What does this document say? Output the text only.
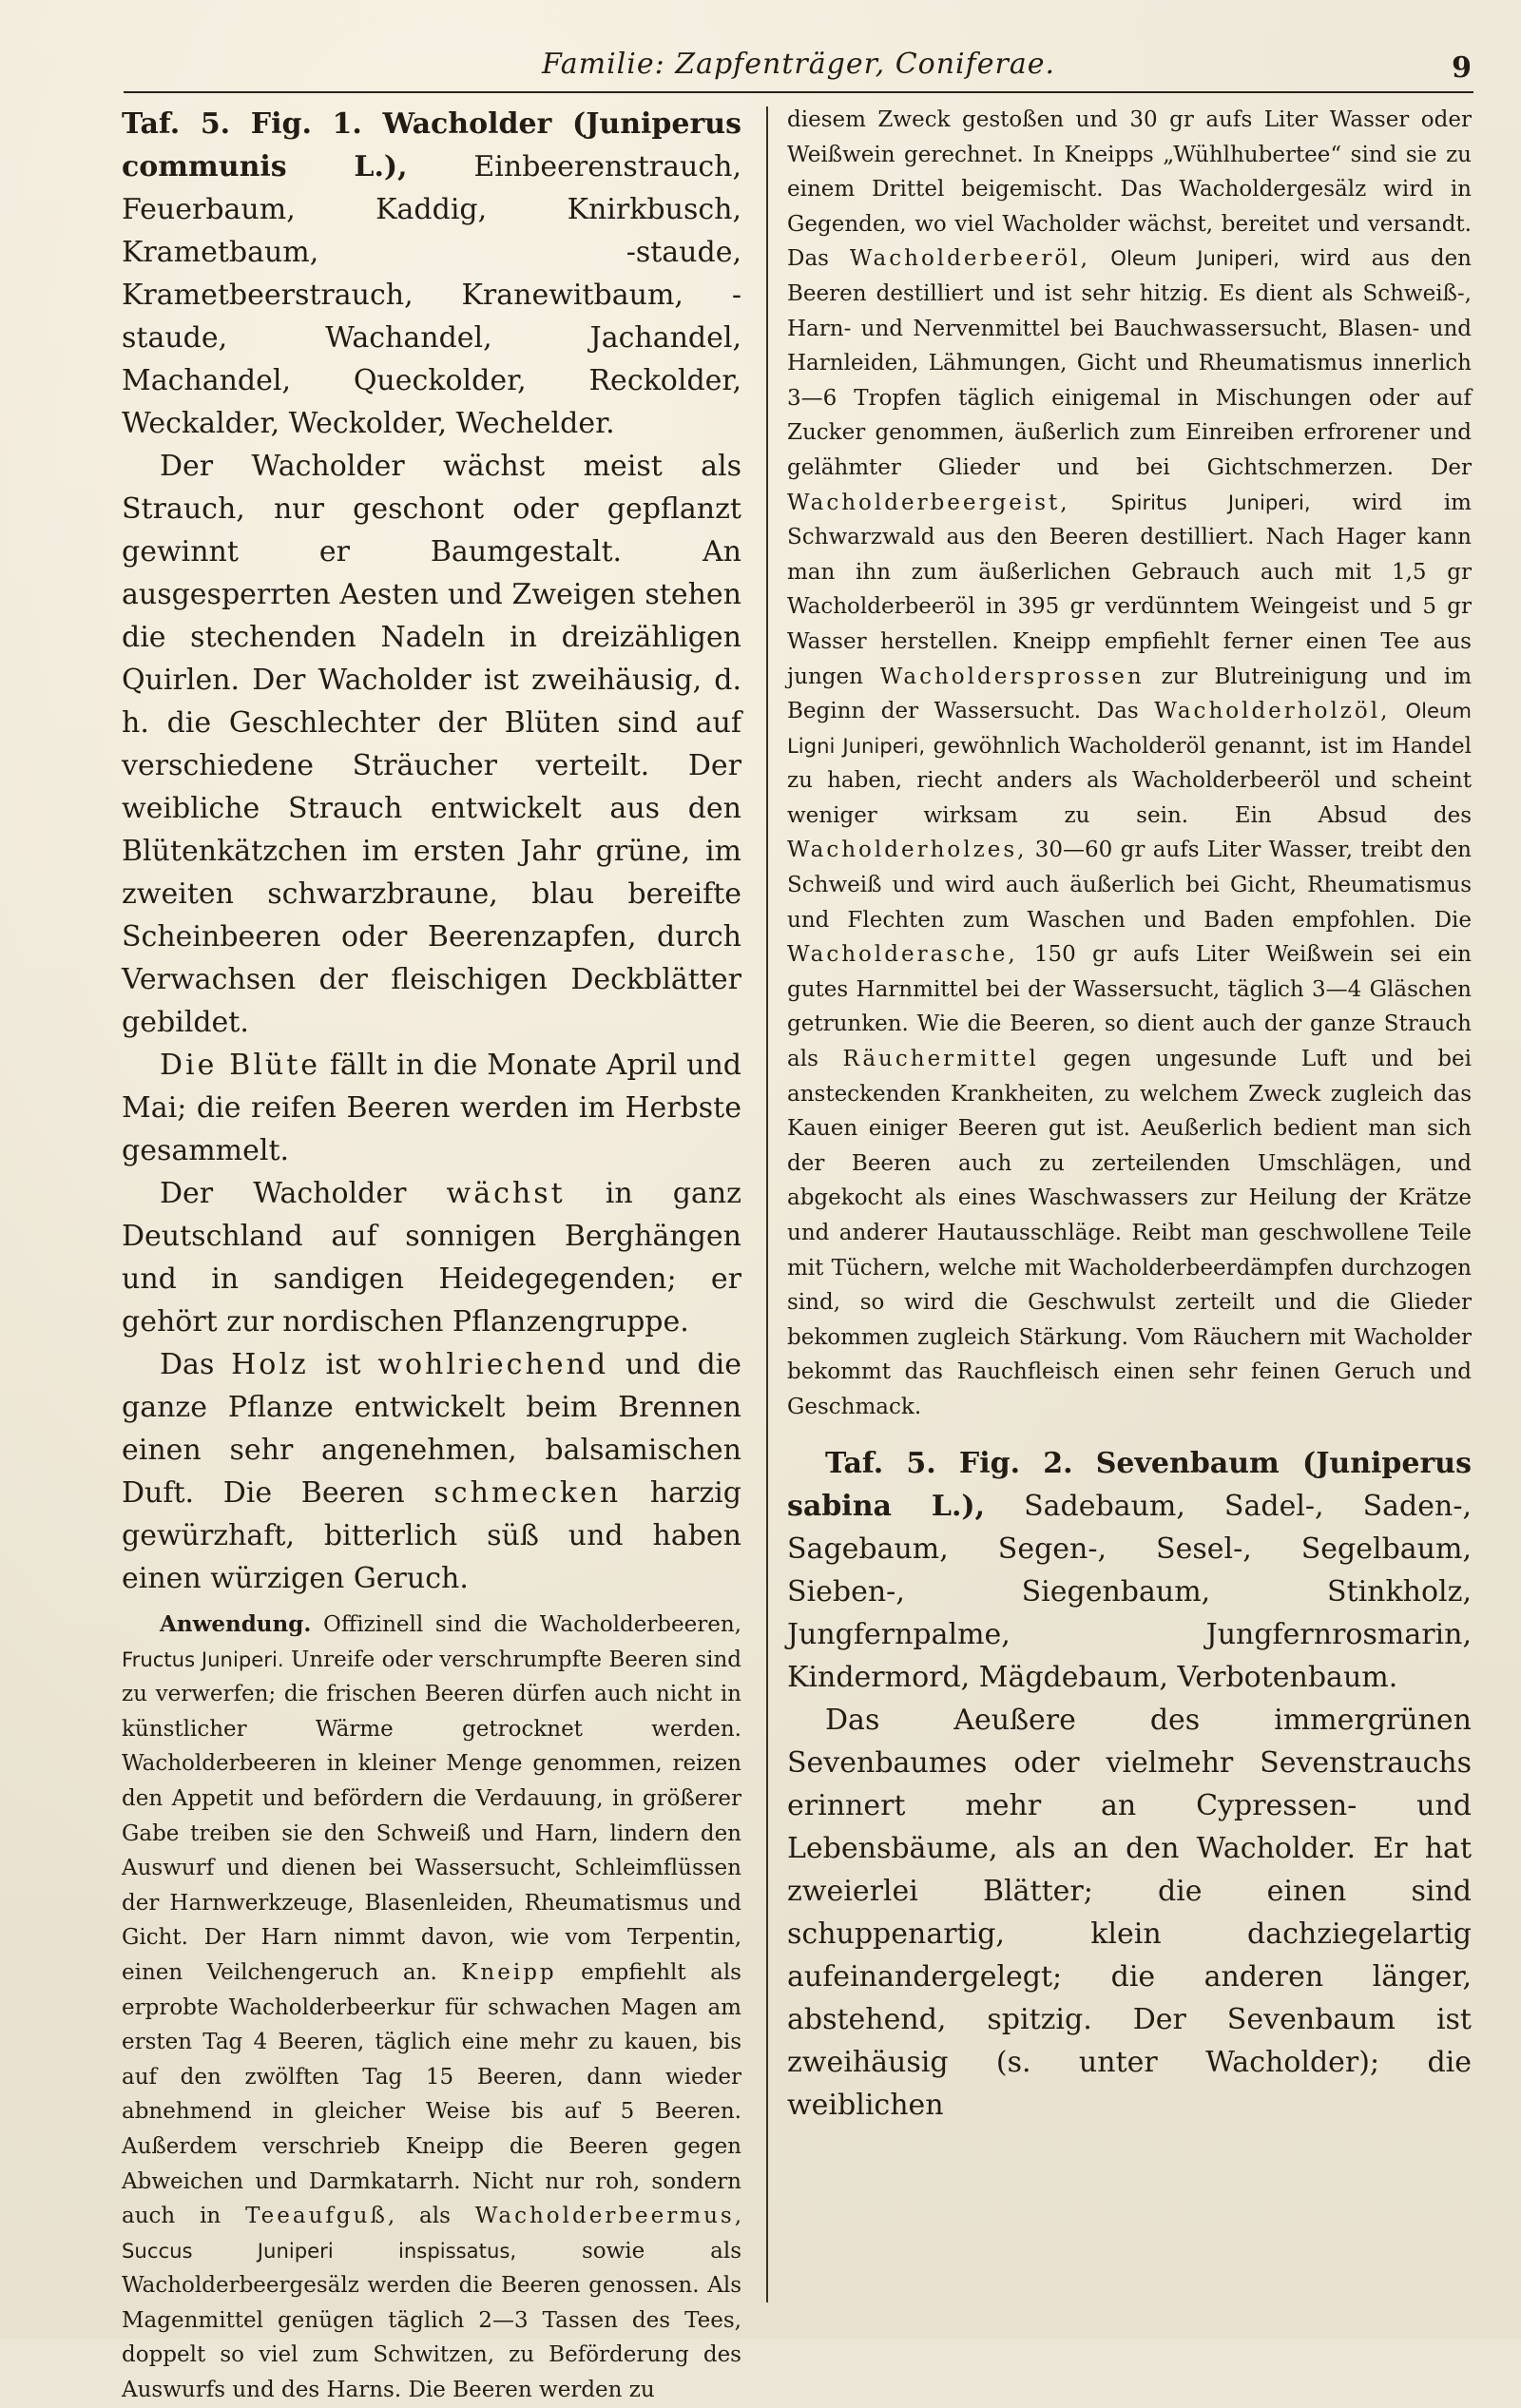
Familie: Zapfenträger, Coniferae.	9

Taf. 5. Fig. 1. Wacholder (Juniperus communis L.), Einbeerenstrauch, Feuerbaum, Kaddig, Knirkbusch, Krametbaum, -staude, Krametbeerstrauch, Kranewitbaum, -staude, Wachandel, Jachandel, Machandel, Queckolder, Reckolder, Weckalder, Weckolder, Wechelder.

Der Wacholder wächst meist als Strauch, nur geschont oder gepflanzt gewinnt er Baumgestalt. An ausgesperrten Aesten und Zweigen stehen die stechenden Nadeln in dreizähligen Quirlen. Der Wacholder ist zweihäusig, d. h. die Geschlechter der Blüten sind auf verschiedene Sträucher verteilt. Der weibliche Strauch entwickelt aus den Blütenkätzchen im ersten Jahr grüne, im zweiten schwarzbraune, blau bereifte Scheinbeeren oder Beerenzapfen, durch Verwachsen der fleischigen Deckblätter gebildet.

Die Blüte fällt in die Monate April und Mai; die reifen Beeren werden im Herbste gesammelt.

Der Wacholder wächst in ganz Deutschland auf sonnigen Berghängen und in sandigen Heidegegenden; er gehört zur nordischen Pflanzengruppe.

Das Holz ist wohlriechend und die ganze Pflanze entwickelt beim Brennen einen sehr angenehmen, balsamischen Duft. Die Beeren schmecken harzig gewürzhaft, bitterlich süß und haben einen würzigen Geruch.

Anwendung. Offizinell sind die Wacholderbeeren, Fructus Juniperi. Unreife oder verschrumpfte Beeren sind zu verwerfen; die frischen Beeren dürfen auch nicht in künstlicher Wärme getrocknet werden. Wacholderbeeren in kleiner Menge genommen, reizen den Appetit und befördern die Verdauung, in größerer Gabe treiben sie den Schweiß und Harn, lindern den Auswurf und dienen bei Wassersucht, Schleimflüssen der Harnwerkzeuge, Blasenleiden, Rheumatismus und Gicht. Der Harn nimmt davon, wie vom Terpentin, einen Veilchengeruch an. Kneipp empfiehlt als erprobte Wacholderbeerkur für schwachen Magen am ersten Tag 4 Beeren, täglich eine mehr zu kauen, bis auf den zwölften Tag 15 Beeren, dann wieder abnehmend in gleicher Weise bis auf 5 Beeren. Außerdem verschrieb Kneipp die Beeren gegen Abweichen und Darmkatarrh. Nicht nur roh, sondern auch in Teeaufguß, als Wacholderbeermus, Succus Juniperi inspissatus, sowie als Wacholderbeergesälz werden die Beeren genossen. Als Magenmittel genügen täglich 2—3 Tassen des Tees, doppelt so viel zum Schwitzen, zu Beförderung des Auswurfs und des Harns. Die Beeren werden zu

diesem Zweck gestoßen und 30 gr aufs Liter Wasser oder Weißwein gerechnet. In Kneipps „Wühlhubertee“ sind sie zu einem Drittel beigemischt. Das Wacholdergesälz wird in Gegenden, wo viel Wacholder wächst, bereitet und versandt. Das Wacholderbeeröl, Oleum Juniperi, wird aus den Beeren destilliert und ist sehr hitzig. Es dient als Schweiß-, Harn- und Nervenmittel bei Bauchwassersucht, Blasen- und Harnleiden, Lähmungen, Gicht und Rheumatismus innerlich 3—6 Tropfen täglich einigemal in Mischungen oder auf Zucker genommen, äußerlich zum Einreiben erfrorener und gelähmter Glieder und bei Gichtschmerzen. Der Wacholderbeergeist, Spiritus Juniperi, wird im Schwarzwald aus den Beeren destilliert. Nach Hager kann man ihn zum äußerlichen Gebrauch auch mit 1,5 gr Wacholderbeeröl in 395 gr verdünntem Weingeist und 5 gr Wasser herstellen. Kneipp empfiehlt ferner einen Tee aus jungen Wacholdersprossen zur Blutreinigung und im Beginn der Wassersucht. Das Wacholderholzöl, Oleum Ligni Juniperi, gewöhnlich Wacholderöl genannt, ist im Handel zu haben, riecht anders als Wacholderbeeröl und scheint weniger wirksam zu sein. Ein Absud des Wacholderholzes, 30—60 gr aufs Liter Wasser, treibt den Schweiß und wird auch äußerlich bei Gicht, Rheumatismus und Flechten zum Waschen und Baden empfohlen. Die Wacholderasche, 150 gr aufs Liter Weißwein sei ein gutes Harnmittel bei der Wassersucht, täglich 3—4 Gläschen getrunken. Wie die Beeren, so dient auch der ganze Strauch als Räuchermittel gegen ungesunde Luft und bei ansteckenden Krankheiten, zu welchem Zweck zugleich das Kauen einiger Beeren gut ist. Aeußerlich bedient man sich der Beeren auch zu zerteilenden Umschlägen, und abgekocht als eines Waschwassers zur Heilung der Krätze und anderer Hautausschläge. Reibt man geschwollene Teile mit Tüchern, welche mit Wacholderbeerdämpfen durchzogen sind, so wird die Geschwulst zerteilt und die Glieder bekommen zugleich Stärkung. Vom Räuchern mit Wacholder bekommt das Rauchfleisch einen sehr feinen Geruch und Geschmack.

Taf. 5. Fig. 2. Sevenbaum (Juniperus sabina L.), Sadebaum, Sadel-, Saden-, Sagebaum, Segen-, Sesel-, Segelbaum, Sieben-, Siegenbaum, Stinkholz, Jungfernpalme, Jungfernrosmarin, Kindermord, Mägdebaum, Verbotenbaum.

Das Aeußere des immergrünen Sevenbaumes oder vielmehr Sevenstrauchs erinnert mehr an Cypressen- und Lebensbäume, als an den Wacholder. Er hat zweierlei Blätter; die einen sind schuppenartig, klein dachziegelartig aufeinandergelegt; die anderen länger, abstehend, spitzig. Der Sevenbaum ist zweihäusig (s. unter Wacholder); die weiblichen
